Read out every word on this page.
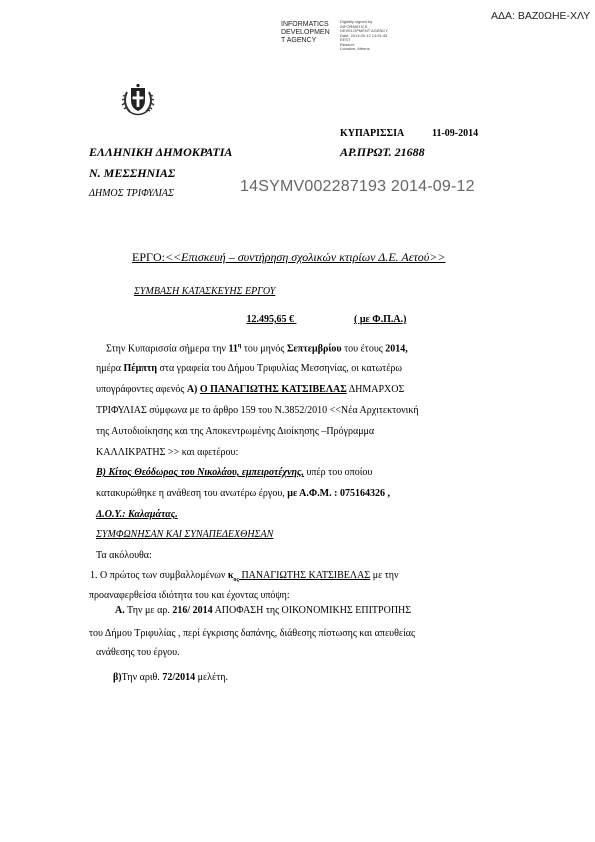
ΑΔΑ: ΒΑΖ0ΩΗΕ-ΧΛΥ
INFORMATICS
DEVELOPMEN
T AGENCY
Digitally signed by
INFORMATICS
DEVELOPMENT AGENCY
Date: 2014.09.12 14:51:45
EEST
Reason:
Location: Athens
ΚΥΠΑΡΙΣΣΙΑ	11-09-2014
ΕΛΛΗΝΙΚΗ ΔΗΜΟΚΡΑΤΙΑ	ΑΡ.ΠΡΩΤ. 21688
Ν. ΜΕΣΣΗΝΙΑΣ
ΔΗΜΟΣ ΤΡΙΦΥΛΙΑΣ	14SYMV002287193 2014-09-12
ΕΡΓΟ:<<Επισκευή – συντήρηση σχολικών κτιρίων Δ.Ε. Αετού>>
ΣΥΜΒΑΣΗ ΚΑΤΑΣΚΕΥΗΣ ΕΡΓΟΥ
12.495,65 €	( με Φ.Π.Α.)
Στην Κυπαρισσία σήμερα την $11^\eta$ του μηνός Σεπτεμβρίου του έτους 2014,
ημέρα Πέμπτη στα γραφεία του Δήμου Τριφυλίας Μεσσηνίας, οι κατωτέρω
υπογράφοντες αφενός Α) Ο ΠΑΝΑΓΙΩΤΗΣ ΚΑΤΣΙΒΕΛΑΣ ΔΗΜΑΡΧΟΣ
ΤΡΙΦΥΛΙΑΣ σύμφωνα με το άρθρο 159 του Ν.3852/2010 <<Νέα Αρχιτεκτονική
της Αυτοδιοίκησης και της Αποκεντρωμένης Διοίκησης –Πρόγραμμα
ΚΑΛΛΙΚΡΑΤΗΣ >> και αφετέρου:
Β) Κίτος Θεόδωρος του Νικολάου, εμπειροτέχνης, υπέρ του οποίου
κατακυρώθηκε η ανάθεση του ανωτέρω έργου, με Α.Φ.Μ. : 075164326 ,
Δ.Ο.Υ.: Καλαμάτας.
ΣΥΜΦΩΝΗΣΑΝ ΚΑΙ ΣΥΝΑΠΕΔΕΧΘΗΣΑΝ
Τα ακόλουθα:
1. Ο πρώτος των συμβαλλομένων $\kappa_{o\varsigma}$ ΠΑΝΑΓΙΩΤΗΣ ΚΑΤΣΙΒΕΛΑΣ με την
προαναφερθείσα ιδιότητα του και έχοντας υπόψη:
Α. Την με αρ. 216/ 2014 ΑΠΟΦΑΣΗ της ΟΙΚΟΝΟΜΙΚΗΣ ΕΠΙΤΡΟΠΗΣ
του Δήμου Τριφυλίας , περί έγκρισης δαπάνης, διάθεσης πίστωσης και απευθείας
ανάθεσης του έργου.
β)Την αριθ. 72/2014 μελέτη.
